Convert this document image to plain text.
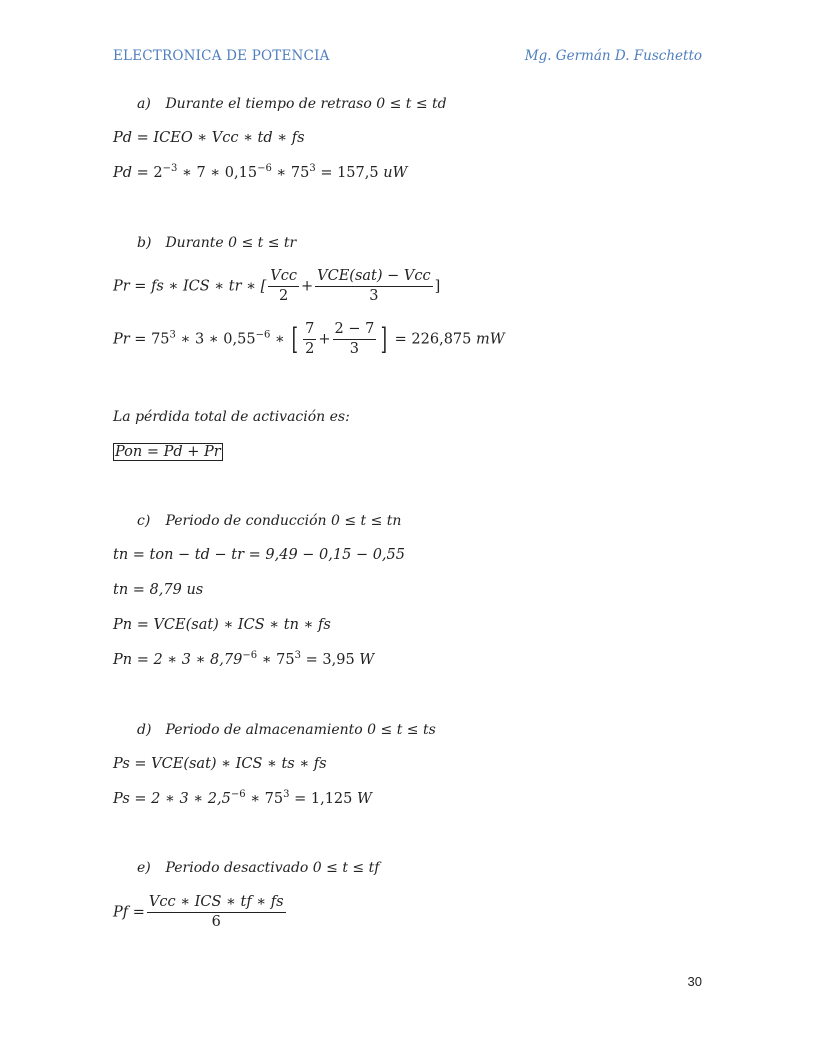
ELECTRONICA DE POTENCIA	Mg. Germán D. Fuschetto
a) Durante el tiempo de retraso 0 ≤ t ≤ td
Pd = ICEO ∗ Vcc ∗ td ∗ fs
$Pd = 2^{-3}$ ∗ 7 ∗ $0,15^{-6}$ ∗ $75^3 = 157,5$ uW
b) Durante 0 ≤ t ≤ tr
Pr = fs ∗ ICS ∗ tr ∗ [ $\frac{\text{Vcc}}{2} + \frac{\text{VCE(sat) − Vcc}}{3}$ ]
$Pr = 75^3$ ∗ 3 ∗ $0,55^{-6}$ ∗ [ $\frac{7}{2} + \frac{2 - 7}{3}$ ] = 226,875 mW
La pérdida total de activación es:
Pon = Pd + Pr
c) Periodo de conducción 0 ≤ t ≤ tn
tn = ton − td − tr = 9,49 − 0,15 − 0,55
tn = 8,79 us
Pn = VCE(sat) ∗ ICS ∗ tn ∗ fs
Pn = 2 ∗ 3 ∗ $8,79^{-6}$ ∗ $75^3 = 3,95$ W
d) Periodo de almacenamiento 0 ≤ t ≤ ts
Ps = VCE(sat) ∗ ICS ∗ ts ∗ fs
Ps = 2 ∗ 3 ∗ $2,5^{-6}$ ∗ $75^3 = 1,125$ W
e) Periodo desactivado 0 ≤ t ≤ tf
$Pf = \frac{\text{Vcc ∗ ICS ∗ tf ∗ fs}}{6}$
30
